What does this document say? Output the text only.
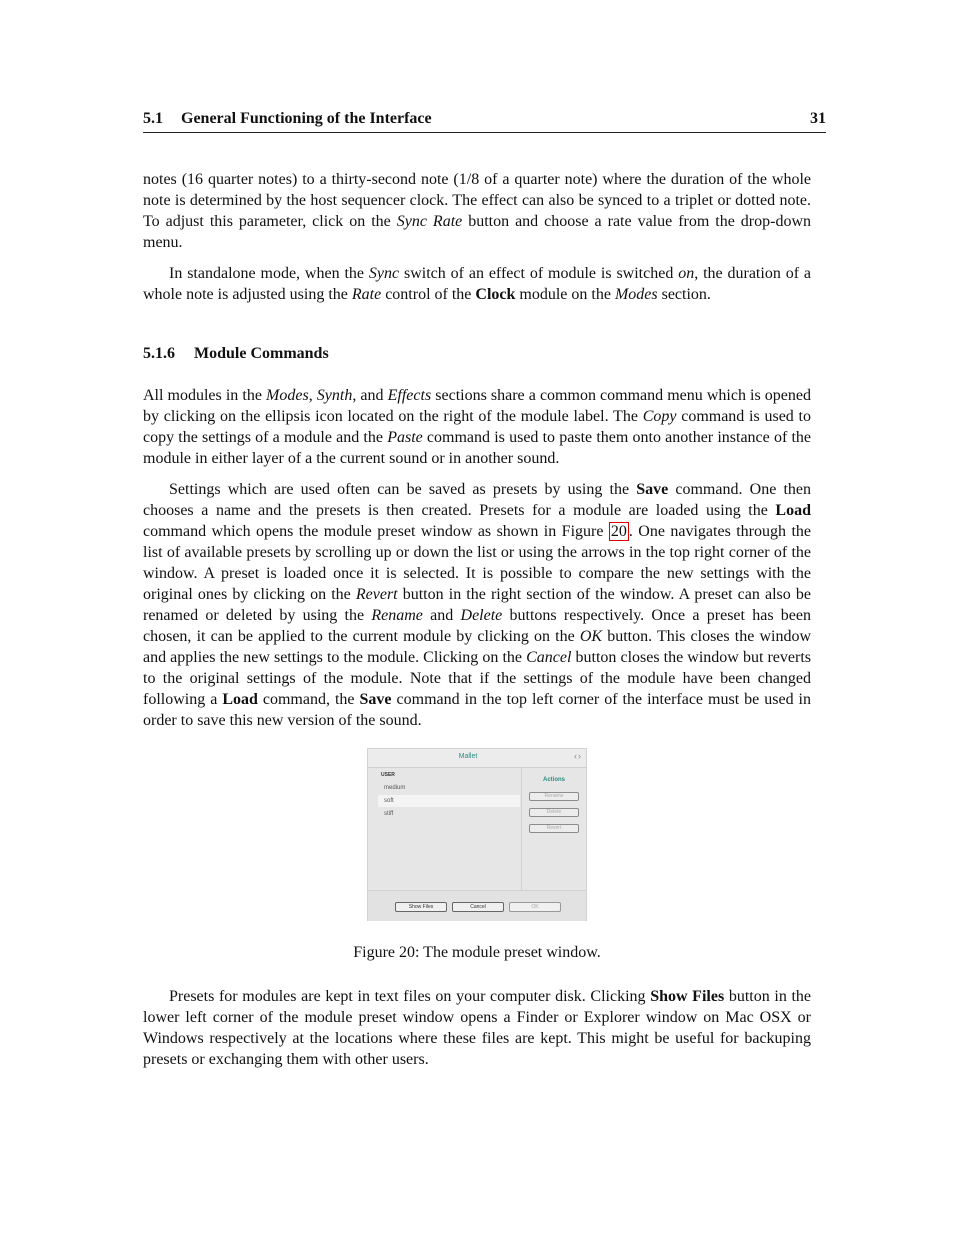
5.1 General Functioning of the Interface	31

notes (16 quarter notes) to a thirty-second note (1/8 of a quarter note) where the duration of the whole note is determined by the host sequencer clock. The effect can also be synced to a triplet or dotted note. To adjust this parameter, click on the Sync Rate button and choose a rate value from the drop-down menu.

In standalone mode, when the Sync switch of an effect of module is switched on, the duration of a whole note is adjusted using the Rate control of the Clock module on the Modes section.

5.1.6 Module Commands

All modules in the Modes, Synth, and Effects sections share a common command menu which is opened by clicking on the ellipsis icon located on the right of the module label. The Copy command is used to copy the settings of a module and the Paste command is used to paste them onto another instance of the module in either layer of a the current sound or in another sound.

Settings which are used often can be saved as presets by using the Save command. One then chooses a name and the presets is then created. Presets for a module are loaded using the Load command which opens the module preset window as shown in Figure 20 . One navigates through the list of available presets by scrolling up or down the list or using the arrows in the top right corner of the window. A preset is loaded once it is selected. It is possible to compare the new settings with the original ones by clicking on the Revert button in the right section of the window. A preset can also be renamed or deleted by using the Rename and Delete buttons respectively. Once a preset has been chosen, it can be applied to the current module by clicking on the OK button. This closes the window and applies the new settings to the module. Clicking on the Cancel button closes the window but reverts to the original settings of the module. Note that if the settings of the module have been changed following a Load command, the Save command in the top left corner of the interface must be used in order to save this new version of the sound.

Mallet	‹›
USER
medium
soft
stiff
Actions
Rename
Delete
Revert
Show Files	Cancel	OK
Figure 20: The module preset window.

Presets for modules are kept in text files on your computer disk. Clicking Show Files button in the lower left corner of the module preset window opens a Finder or Explorer window on Mac OSX or Windows respectively at the locations where these files are kept. This might be useful for backuping presets or exchanging them with other users.
